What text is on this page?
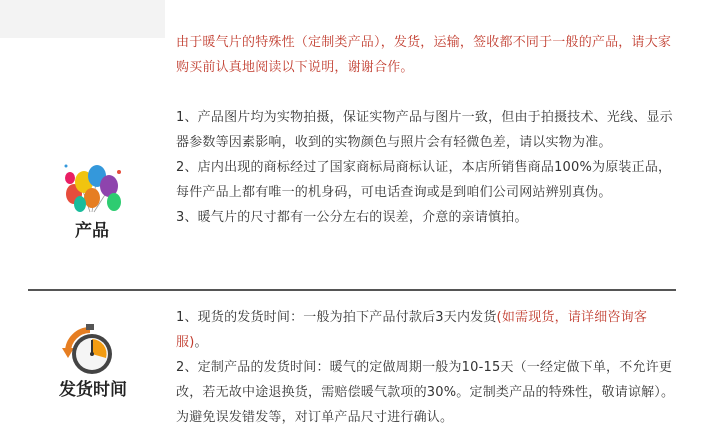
由于暖气片的特殊性（定制类产品），发货，运输，签收都不同于一般的产品，请大家购买前认真地阅读以下说明，谢谢合作。

产品

1、产品图片均为实物拍摄，保证实物产品与图片一致，但由于拍摄技术、光线、显示器参数等因素影响，收到的实物颜色与照片会有轻微色差，请以实物为准。

2、店内出现的商标经过了国家商标局商标认证，本店所销售商品100%为原装正品，每件产品上都有唯一的机身码，可电话查询或是到咱们公司网站辨别真伪。

3、暖气片的尺寸都有一公分左右的误差，介意的亲请慎拍。

发货时间

1、现货的发货时间：一般为拍下产品付款后3天内发货(如需现货，请详细咨询客服)。

2、定制产品的发货时间：暖气的定做周期一般为10-15天（一经定做下单，不允许更改，若无故中途退换货，需赔偿暖气款项的30%。定制类产品的特殊性，敬请谅解）。为避免误发错发等，对订单产品尺寸进行确认。
